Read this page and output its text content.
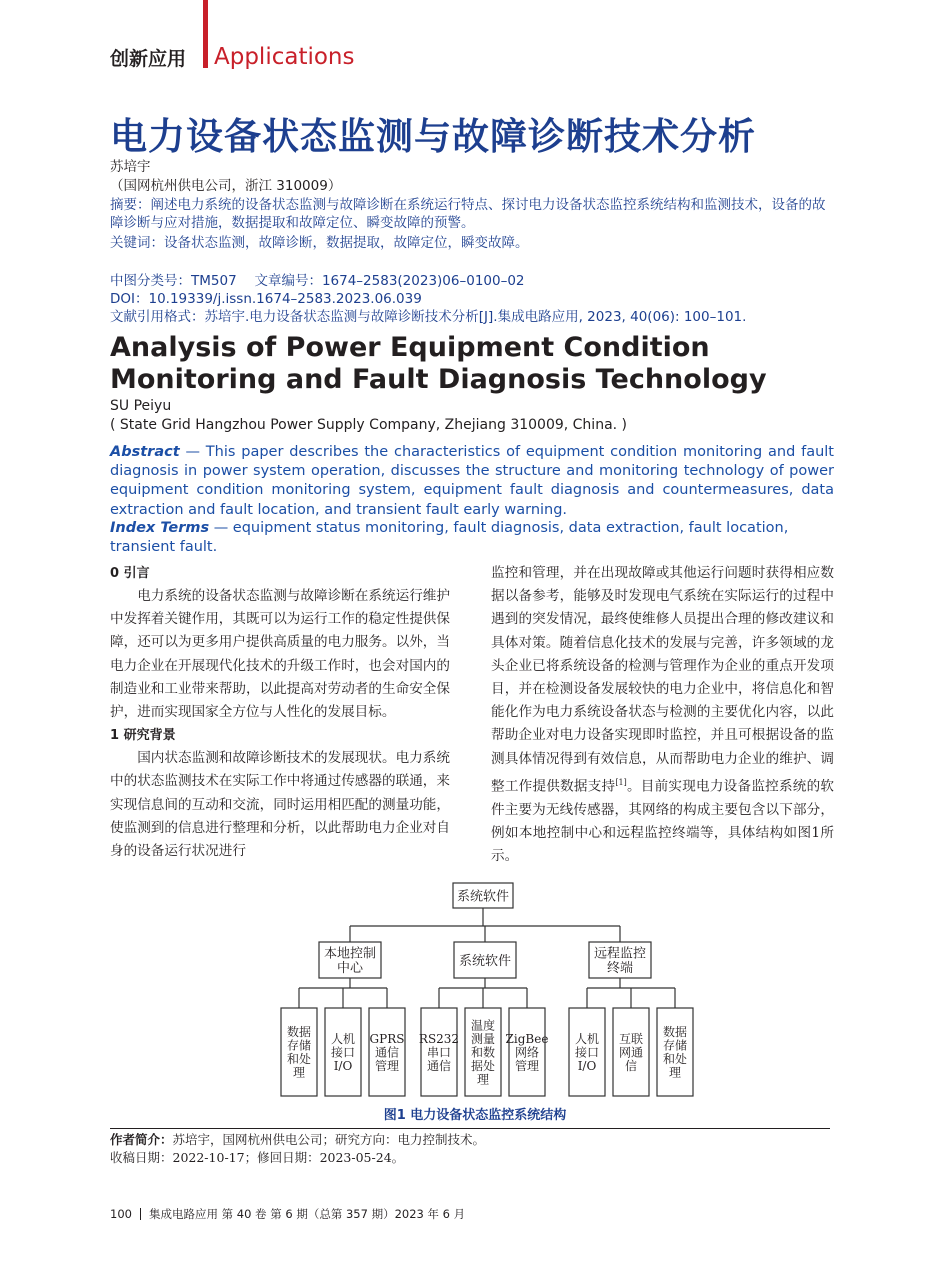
创新应用 Applications
电力设备状态监测与故障诊断技术分析
苏培宇
（国网杭州供电公司，浙江 310009）
摘要：阐述电力系统的设备状态监测与故障诊断在系统运行特点、探讨电力设备状态监控系统结构和监测技术，设备的故障诊断与应对措施，数据提取和故障定位、瞬变故障的预警。
关键词：设备状态监测，故障诊断，数据提取，故障定位，瞬变故障。
中图分类号：TM507　 文章编号：1674–2583(2023)06–0100–02
DOI：10.19339/j.issn.1674–2583.2023.06.039
文献引用格式：苏培宇.电力设备状态监测与故障诊断技术分析[J].集成电路应用, 2023, 40(06): 100–101.
Analysis of Power Equipment Condition Monitoring and Fault Diagnosis Technology
SU Peiyu
( State Grid Hangzhou Power Supply Company, Zhejiang 310009, China. )
Abstract — This paper describes the characteristics of equipment condition monitoring and fault diagnosis in power system operation, discusses the structure and monitoring technology of power equipment condition monitoring system, equipment fault diagnosis and countermeasures, data extraction and fault location, and transient fault early warning.
Index Terms — equipment status monitoring, fault diagnosis, data extraction, fault location, transient fault.
0 引言

电力系统的设备状态监测与故障诊断在系统运行维护中发挥着关键作用，其既可以为运行工作的稳定性提供保障，还可以为更多用户提供高质量的电力服务。以外，当电力企业在开展现代化技术的升级工作时，也会对国内的制造业和工业带来帮助，以此提高对劳动者的生命安全保护，进而实现国家全方位与人性化的发展目标。

1 研究背景

国内状态监测和故障诊断技术的发展现状。电力系统中的状态监测技术在实际工作中将通过传感器的联通，来实现信息间的互动和交流，同时运用相匹配的测量功能，使监测到的信息进行整理和分析，以此帮助电力企业对自身的设备运行状况进行

监控和管理，并在出现故障或其他运行问题时获得相应数据以备参考，能够及时发现电气系统在实际运行的过程中遇到的突发情况，最终使维修人员提出合理的修改建议和具体对策。随着信息化技术的发展与完善，许多领域的龙头企业已将系统设备的检测与管理作为企业的重点开发项目，并在检测设备发展较快的电力企业中，将信息化和智能化作为电力系统设备状态与检测的主要优化内容，以此帮助企业对电力设备实现即时监控，并且可根据设备的监测具体情况得到有效信息，从而帮助电力企业的维护、调整工作提供数据支持[1]。目前实现电力设备监控系统的软件主要为无线传感器，其网络的构成主要包含以下部分，例如本地控制中心和远程监控终端等，具体结构如图1所示。

系统软件
本地控制
中心	系统软件	远程监控
终端
数据
存储
和处
理
人机
接口
I/O
GPRS
通信
管理
RS232
串口
通信
温度
测量
和数
据处
理
ZigBee
网络
管理
人机
接口
I/O
互联
网通
信
数据
存储
和处
理
图1 电力设备状态监控系统结构
作者简介：苏培宇，国网杭州供电公司；研究方向：电力控制技术。
收稿日期：2022-10-17；修回日期：2023-05-24。
100 集成电路应用 第 40 卷 第 6 期（总第 357 期）2023 年 6 月
